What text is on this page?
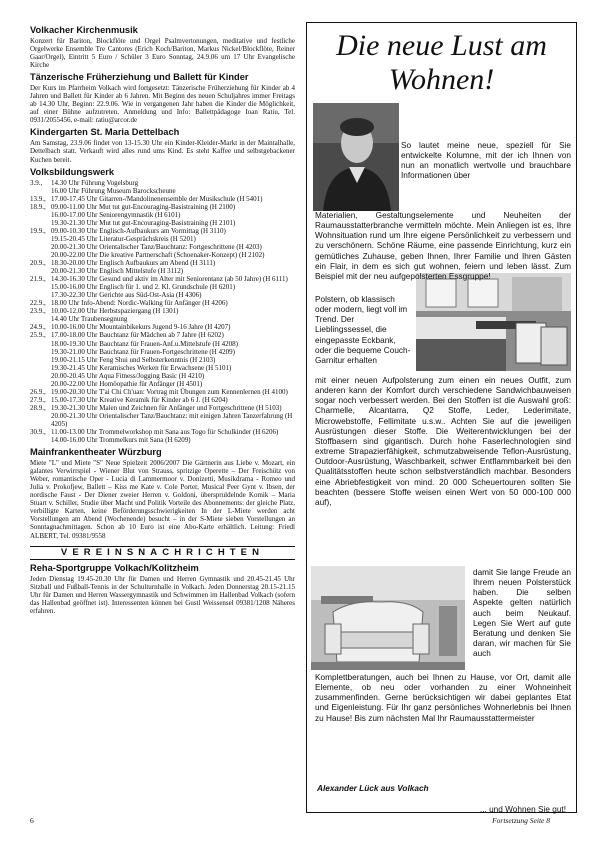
Volkacher Kirchenmusik

Konzert für Bariton, Blockflöte und Orgel Psalmvertonungen, meditative und festliche Orgelwerke Ensemble Tre Cantores (Erich Koch/Bariton, Markus Nickel/Blockflöte, Reiner Gaar/Orgel), Eintritt 5 Euro / Schüler 3 Euro Sonntag, 24.9.06 um 17 Uhr Evangelische Kirche

Tänzerische Früherziehung und Ballett für Kinder

Der Kurs im Pfarrheim Volkach wird fortgesetzt: Tänzerische Früherziehung für Kinder ab 4 Jahren und Ballett für Kinder ab 6 Jahren. Mit Beginn des neuen Schuljahres immer Freitags ab 14.30 Uhr, Beginn: 22.9.06. Wie in vergangenen Jahr haben die Kinder die Möglichkeit, auf einer Bühne aufzutreten. Anmeldung und Info: Ballettpädagoge Ioan Ratiu, Tel. 0931/2055456, e-mail: ratiu@arcor.de

Kindergarten St. Maria Dettelbach

Am Samstag, 23.9.06 findet von 13-15.30 Uhr ein Kinder-Kleider-Markt in der Maintalhalle, Dettelbach statt. Verkauft wird alles rund ums Kind. Es steht Kaffee und selbstgebackener Kuchen bereit.

Volksbildungswerk
3.9.,	14.30 Uhr Führung Vogelsburg
16.00 Uhr Führung Museum Barockscheune
13.9., 17.00-17.45 Uhr Gitarren-/Mandolinenensemble der Musikschule (H 5401)
18.9., 09.00-11.00 Uhr Mut tut gut-Encouraging-Basistraining (H 2100)
16.00-17.00 Uhr Seniorengymnastik (H 6101)
19.30-21.30 Uhr Mut tut gut-Encouraging-Basistraining (H 2101)
19.9., 09.00-10.30 Uhr Englisch-Aufbaukurs am Vormittag (H 3110)
19.15-20.45 Uhr Literatur-Gesprächskreis (H 5201)
20.00-21.30 Uhr Orientalischer Tanz/Bauchtanz: Fortgeschrittene (H 4203)
20.00-22.00 Uhr Die kreative Partnerschaft (Schoenaker-Konzept) (H 2102)
20.9., 18.30-20.00 Uhr Englisch Aufbaukurs am Abend (H 3111)
20.00-21.30 Uhr Englisch Mittelstufe (H 3112)
21.9., 14.30-16.30 Uhr Gesund und aktiv im Alter mit Seniorentanz (ab 50 Jahre) (H 6111)
15.00-16.00 Uhr Englisch für 1. und 2. Kl. Grundschule (H 6201)
17.30-22.30 Uhr Gerichte aus Süd-Ost-Asia (H 4306)
22.9., 18.00 Uhr Info-Abend: Nordic-Walking für Anfänger (H 4206)
23.9., 10.00-12.00 Uhr Herbstspaziergang (H 1301)
14.40 Uhr Traubensegnung
24.9., 10.00-16.00 Uhr Mountainbikekurs Jugend 9-16 Jahre (H 4207)
25.9., 17.00-18.00 Uhr Bauchtanz für Mädchen ab 7 Jahre (H 6202)
18.00-19.30 Uhr Bauchtanz für Frauen-Anf.u.Mittelstufe (H 4208)
19.30-21.00 Uhr Bauchtanz für Frauen-Fortgeschrittene (H 4209)
19.00-21.15 Uhr Feng Shui und Selbsterkenntnis (H 2103)
19.30-21.45 Uhr Keramisches Werken für Erwachsene (H 5101)
20.00-20.45 Uhr Aqua Fitness/Jogging Basic (H 4210)
20.00-22.00 Uhr Homöopathie für Anfänger (H 4501)
26.9., 19.00-20.30 Uhr T'ai Chi Ch'uan: Vortrag mit Übungen zum Kennenlernen (H 4100)
27.9., 15.00-17.30 Uhr Kreative Keramik für Kinder ab 6 J. (H 6204)
28.9., 19.30-21.30 Uhr Malen und Zeichnen für Anfänger und Fortgeschrittene (H 5103)
20.00-21.30 Uhr Orientalischer Tanz/Bauchtanz: mit einigen Jahren Tanzerfahrung (H 4205)
30.9., 11.00-13.00 Uhr Trommelworkshop mit Sana aus Togo für Schulkinder (H 6206)
14.00-16.00 Uhr Trommelkurs mit Sana (H 6209)
Mainfrankentheater Würzburg

Miete "L" und Miete "S" Neue Spielzeit 2006/2007 Die Gärtnerin aus Liebe v. Mozart, ein galantes Verwirrspiel - Wiener Blut von Strauss, spritzige Operette – Der Freischütz von Weber, romantische Oper - Lucia di Lammermoor v. Donizetti, Musikdrama - Romeo und Julia v. Prokofjew, Ballett – Kiss me Kate v. Cole Porter, Musical Peer Gynt v. Ibsen, der nordische Faust - Der Diener zweier Herren v. Goldoni, überspruldelnde Komik – Maria Stuart v. Schiller, Studie über Macht und Politik Vorteile des Abonnements: der gleiche Platz, verbilligte Karten, keine Beförderungsschwierigkeiten In der L-Miete werden acht Vorstellungen am Abend (Wochenende) besucht – in der S-Miete sieben Vorstellungen an Sonntagnachmittagen. Schon ab 10 Euro ist eine Abo-Karte erhältlich. Leitung: Friedl ALBERT, Tel. 09381/9558

VEREINSNACHRICHTEN
Reha-Sportgruppe Volkach/Kolitzheim

Jeden Dienstag 19.45-20.30 Uhr für Damen und Herren Gymnastik und 20.45-21.45 Uhr Sitzball und Fußball-Tennis in der Schulturnhalle in Volkach. Jeden Donnerstag 20.15-21.15 Uhr für Damen und Herren Wassergymnastik und Schwimmen im Hallenbad Volkach (sofern das Hallenbad geöffnet ist). Interessenten können bei Gustl Weissensel 09381/1208 Näheres erfahren.

Die neue Lust am
Wohnen!
So lautet meine neue, speziell für Sie entwickelte Kolumne, mit der ich Ihnen von nun an monatlich wertvolle und brauchbare Informationen über
Materialien, Gestaltungselemente und Neuheiten der Raumausstatterbranche vermitteln möchte. Mein Anliegen ist es, Ihre Wohnsituation rund um Ihre eigene Persönlichkeit zu verbessern und zu verschönern. Schöne Räume, eine passende Einrichtung, kurz ein gemütliches Zuhause, geben Ihnen, Ihrer Familie und Ihren Gästen ein Flair, in dem es sich gut wohnen, feiern und leben lässt. Zum Beispiel mit der neu aufgepolsterten Essgruppe!
Polstern, ob klassisch oder modern, liegt voll im Trend. Der Lieblingssessel, die eingepasste Eckbank, oder die bequeme Couch-Garnitur erhalten
mit einer neuen Aufpolsterung zum einen ein neues Outfit, zum anderen kann der Komfort durch verschiedene Sandwichbauweisen sogar noch verbessert werden. Bei den Stoffen ist die Auswahl groß: Charmelle, Alcantarra, Q2 Stoffe, Leder, Lederimitate, Microwebstoffe, Fellimitate u.s.w.. Achten Sie auf die jeweiligen Ausrüstungen dieser Stoffe. Die Weiterentwicklungen bei der Stoffbasern sind gigantisch. Durch hohe Faserlechnologien sind extreme Strapazierfähigkeit, schmutzabweisende Teflon-Ausrüstung, Outdoor-Ausrüstung, Waschbarkeit, schwer Entflammbarkeit bei den Qualitätsstoffen heute schon selbstverständlich machbar. Besonders eine Abriebfestigkeit von mind. 20 000 Scheuertouren sollten Sie beachten (bessere Stoffe weisen einen Wert von 50 000-100 000 auf),
damit Sie lange Freude an Ihrem neuen Polsterstück haben. Die selben Aspekte gelten natürlich auch beim Neukauf. Legen Sie Wert auf gute Beratung und denken Sie daran, wir machen für Sie auch
Komplettberatungen, auch bei Ihnen zu Hause, vor Ort, damit alle Elemente, ob neu oder vorhanden zu einer Wohneinheit zusammenfinden. Gerne berücksichtigen wir dabei geplantes Etat und Eigenleistung. Für Ihr ganz persönliches Wohnerlebnis bei Ihnen zu Hause! Bis zum nächsten Mal Ihr Raumausstattermeister
Alexander Lück aus Volkach
... und Wohnen Sie gut!
6	Fortsetzung Seite 8
